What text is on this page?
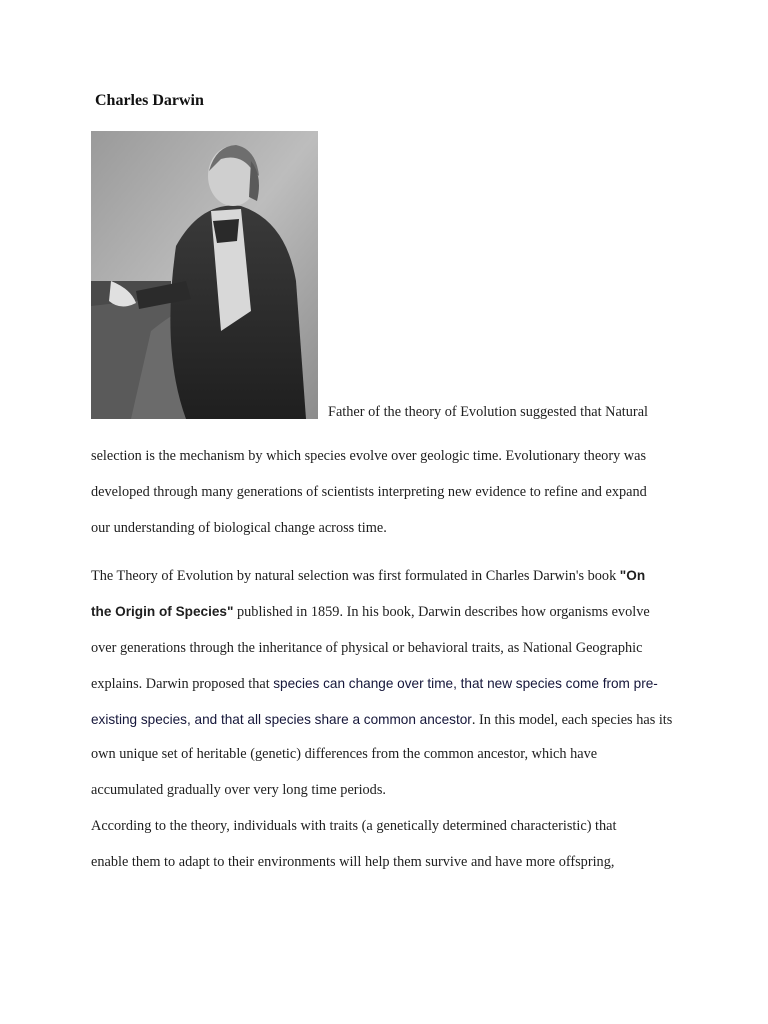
Charles Darwin
Father of the theory of Evolution suggested that Natural
selection is the mechanism by which species evolve over geologic time. Evolutionary theory was
developed through many generations of scientists interpreting new evidence to refine and expand
our understanding of biological change across time.
The Theory of Evolution by natural selection was first formulated in Charles Darwin's book "On
the Origin of Species" published in 1859. In his book, Darwin describes how organisms evolve
over generations through the inheritance of physical or behavioral traits, as National Geographic
explains. Darwin proposed that species can change over time, that new species come from pre-
existing species, and that all species share a common ancestor. In this model, each species has its
own unique set of heritable (genetic) differences from the common ancestor, which have
accumulated gradually over very long time periods.
According to the theory, individuals with traits (a genetically determined characteristic) that
enable them to adapt to their environments will help them survive and have more offspring,
